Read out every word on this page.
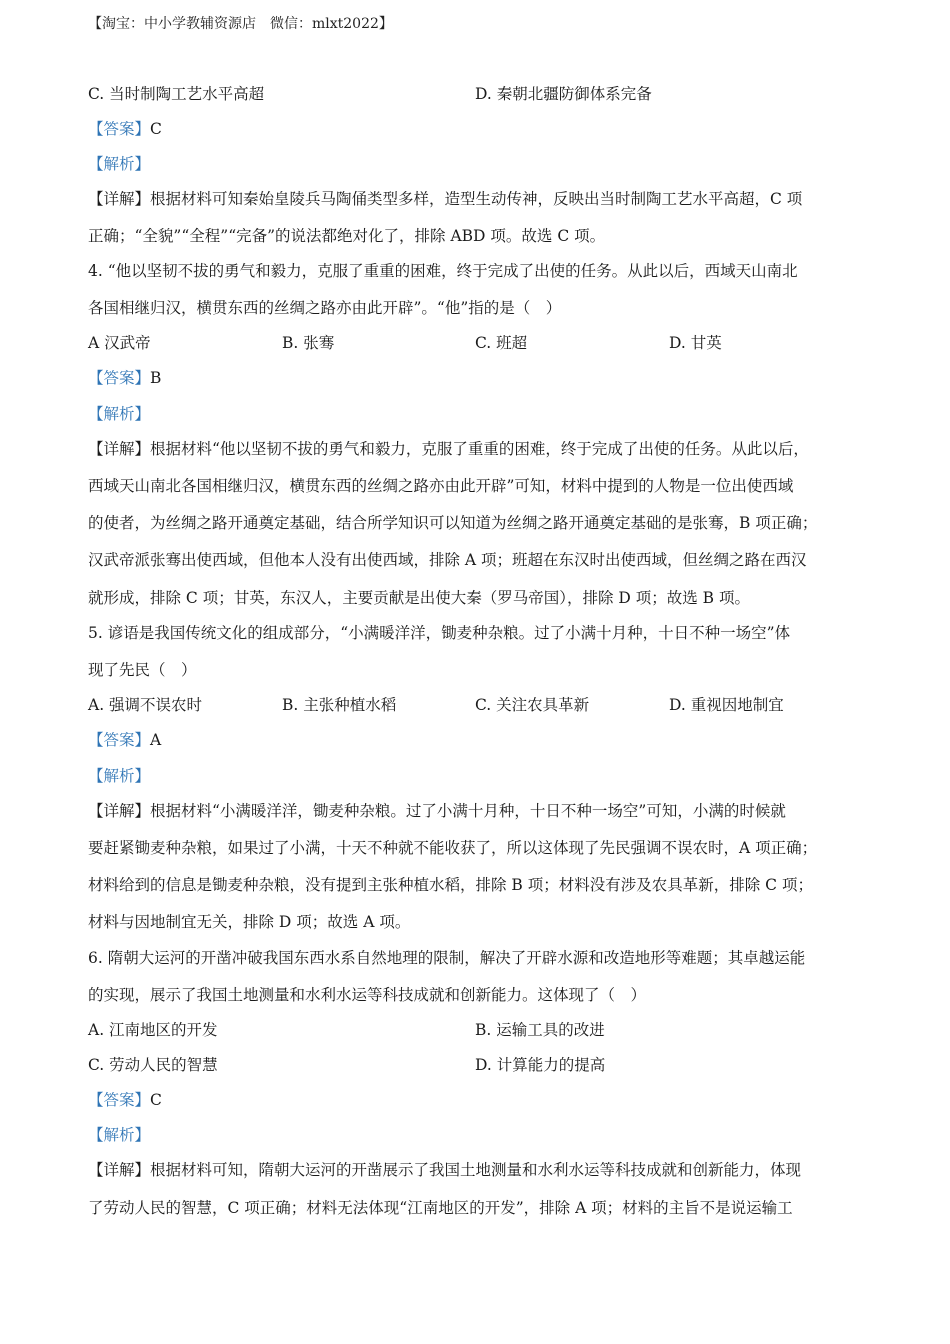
【淘宝：中小学教辅资源店　微信：mlxt2022】
C. 当时制陶工艺水平高超	D. 秦朝北疆防御体系完备
【答案】C
【解析】
【详解】根据材料可知秦始皇陵兵马陶俑类型多样，造型生动传神，反映出当时制陶工艺水平高超，C 项
正确；“全貌”“全程”“完备”的说法都绝对化了，排除 ABD 项。故选 C 项。
4. “他以坚韧不拔的勇气和毅力，克服了重重的困难，终于完成了出使的任务。从此以后，西域天山南北
各国相继归汉，横贯东西的丝绸之路亦由此开辟”。“他”指的是（　）
A 汉武帝	B. 张骞	C. 班超	D. 甘英
【答案】B
【解析】
【详解】根据材料“他以坚韧不拔的勇气和毅力，克服了重重的困难，终于完成了出使的任务。从此以后，
西域天山南北各国相继归汉，横贯东西的丝绸之路亦由此开辟”可知，材料中提到的人物是一位出使西域
的使者，为丝绸之路开通奠定基础，结合所学知识可以知道为丝绸之路开通奠定基础的是张骞，B 项正确；
汉武帝派张骞出使西域，但他本人没有出使西域，排除 A 项；班超在东汉时出使西域，但丝绸之路在西汉
就形成，排除 C 项；甘英，东汉人，主要贡献是出使大秦（罗马帝国），排除 D 项；故选 B 项。
5. 谚语是我国传统文化的组成部分，“小满暖洋洋，锄麦种杂粮。过了小满十月种，十日不种一场空”体
现了先民（　）
A. 强调不误农时	B. 主张种植水稻	C. 关注农具革新	D. 重视因地制宜
【答案】A
【解析】
【详解】根据材料“小满暖洋洋，锄麦种杂粮。过了小满十月种，十日不种一场空”可知，小满的时候就
要赶紧锄麦种杂粮，如果过了小满，十天不种就不能收获了，所以这体现了先民强调不误农时，A 项正确；
材料给到的信息是锄麦种杂粮，没有提到主张种植水稻，排除 B 项；材料没有涉及农具革新，排除 C 项；
材料与因地制宜无关，排除 D 项；故选 A 项。
6. 隋朝大运河的开凿冲破我国东西水系自然地理的限制，解决了开辟水源和改造地形等难题；其卓越运能
的实现，展示了我国土地测量和水利水运等科技成就和创新能力。这体现了（　）
A. 江南地区的开发	B. 运输工具的改进
C. 劳动人民的智慧	D. 计算能力的提高
【答案】C
【解析】
【详解】根据材料可知，隋朝大运河的开凿展示了我国土地测量和水利水运等科技成就和创新能力，体现
了劳动人民的智慧，C 项正确；材料无法体现“江南地区的开发”，排除 A 项；材料的主旨不是说运输工
